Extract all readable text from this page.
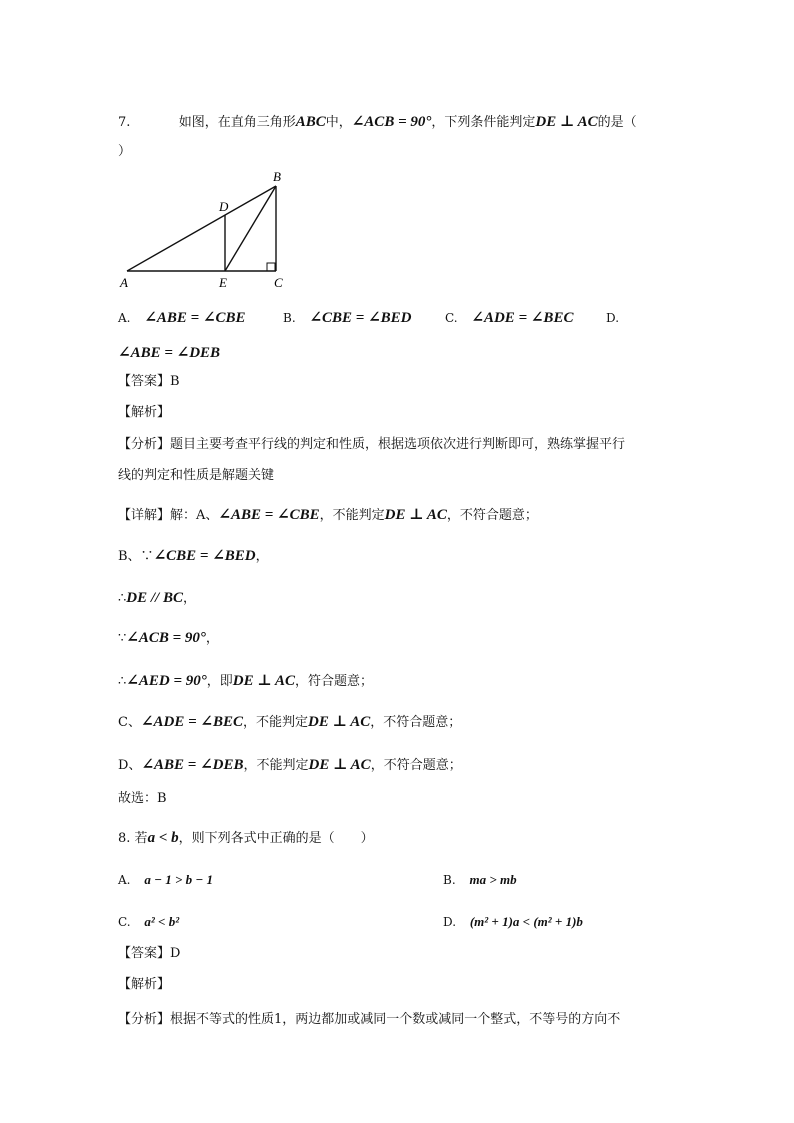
7.	如图，在直角三角形ABC中，∠ACB = 90°，下列条件能判定DE ⊥ AC的是（
）
A
B
C
D
E
A. ∠ABE = ∠CBE	B. ∠CBE = ∠BED	C. ∠ADE = ∠BEC	D.
∠ABE = ∠DEB
【答案】B
【解析】
【分析】题目主要考查平行线的判定和性质，根据选项依次进行判断即可，熟练掌握平行
线的判定和性质是解题关键
【详解】解：A、∠ABE = ∠CBE，不能判定DE ⊥ AC，不符合题意；
B、∵∠CBE = ∠BED，
∴DE // BC，
∵∠ACB = 90°，
∴∠AED = 90°，即DE ⊥ AC，符合题意；
C、∠ADE = ∠BEC，不能判定DE ⊥ AC，不符合题意；
D、∠ABE = ∠DEB，不能判定DE ⊥ AC，不符合题意；
故选：B
8. 若a < b，则下列各式中正确的是（　　）
A. a − 1 > b − 1	B. ma > mb
C. a² < b²	D. (m² + 1)a < (m² + 1)b
【答案】D
【解析】
【分析】根据不等式的性质1，两边都加或减同一个数或减同一个整式，不等号的方向不
